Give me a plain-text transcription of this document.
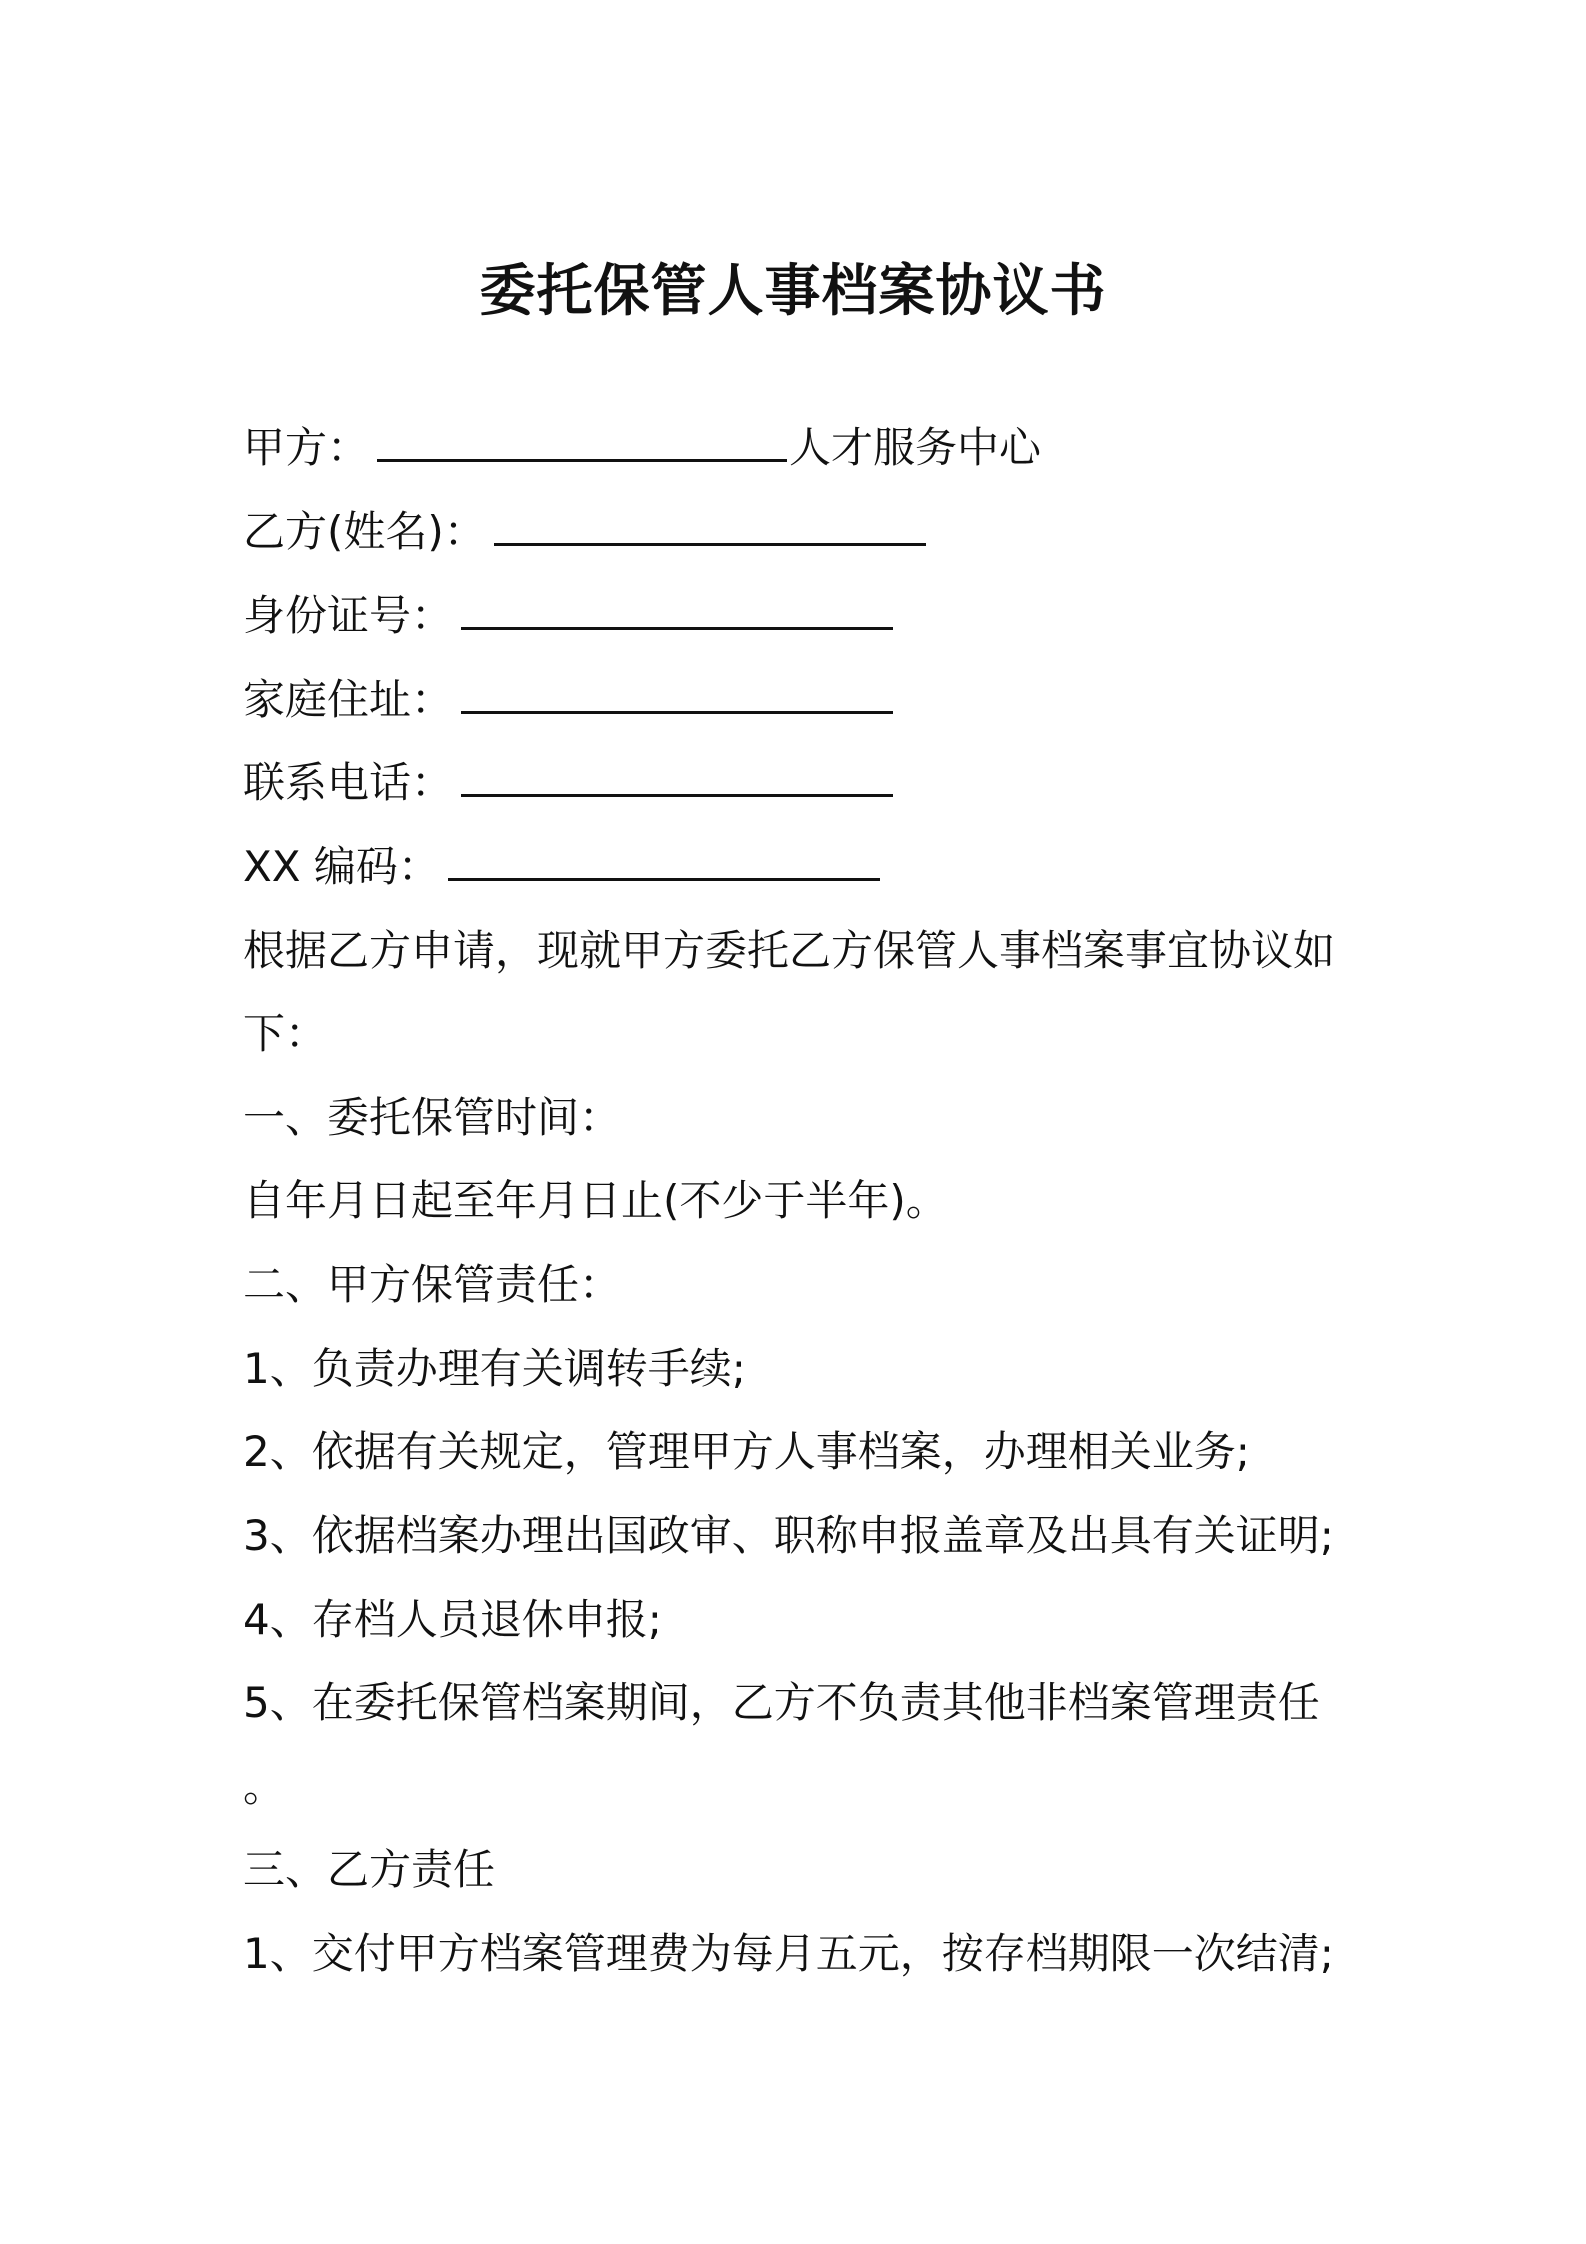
委托保管人事档案协议书
甲方：	人才服务中心
乙方(姓名)：
身份证号：
家庭住址：
联系电话：
XX 编码：
根据乙方申请，现就甲方委托乙方保管人事档案事宜协议如
下：
一、委托保管时间：
自年月日起至年月日止(不少于半年)。
二、甲方保管责任：
1、负责办理有关调转手续;
2、依据有关规定，管理甲方人事档案，办理相关业务;
3、依据档案办理出国政审、职称申报盖章及出具有关证明;
4、存档人员退休申报;
5、在委托保管档案期间，乙方不负责其他非档案管理责任
。
三、乙方责任
1、交付甲方档案管理费为每月五元，按存档期限一次结清;
